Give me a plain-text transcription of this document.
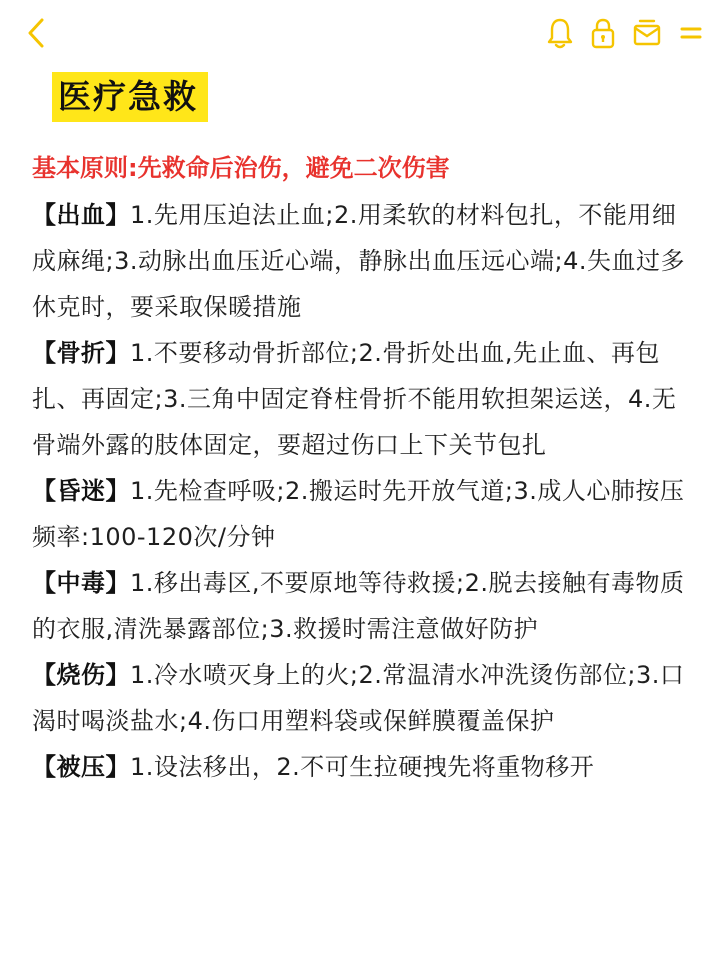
医疗急救

基本原则:先救命后治伤，避免二次伤害

【出血】1.先用压迫法止血;2.用柔软的材料包扎，不能用细成麻绳;3.动脉出血压近心端，静脉出血压远心端;4.失血过多休克时，要采取保暖措施

【骨折】1.不要移动骨折部位;2.骨折处出血,先止血、再包扎、再固定;3.三角中固定脊柱骨折不能用软担架运送，4.无骨端外露的肢体固定，要超过伤口上下关节包扎

【昏迷】1.先检查呼吸;2.搬运时先开放气道;3.成人心肺按压频率:100-120次/分钟

【中毒】1.移出毒区,不要原地等待救援;2.脱去接触有毒物质的衣服,清洗暴露部位;3.救援时需注意做好防护

【烧伤】1.冷水喷灭身上的火;2.常温清水冲洗烫伤部位;3.口渴时喝淡盐水;4.伤口用塑料袋或保鲜膜覆盖保护

【被压】1.设法移出，2.不可生拉硬拽先将重物移开
